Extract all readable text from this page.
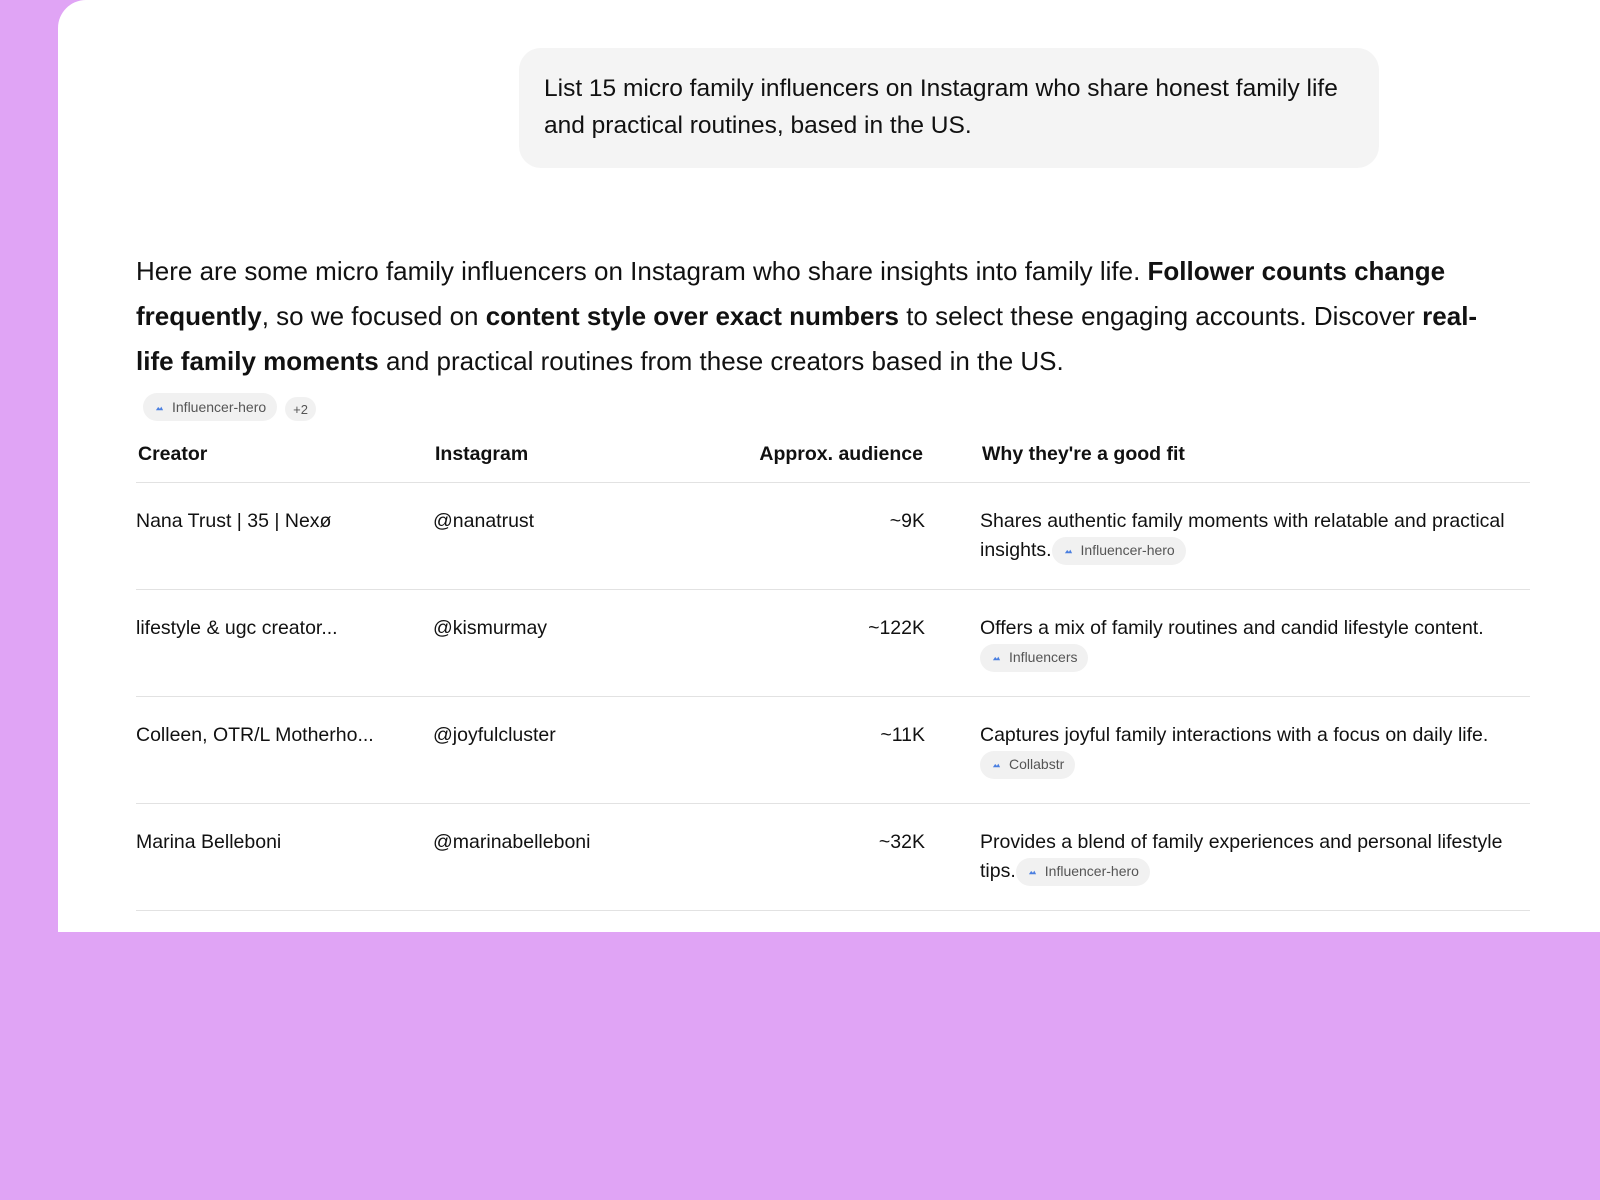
List 15 micro family influencers on Instagram who share honest family life and practical routines, based in the US.
Here are some micro family influencers on Instagram who share insights into family life. Follower counts change frequently, so we focused on content style over exact numbers to select these engaging accounts. Discover real-life family moments and practical routines from these creators based in the US.
Influencer-hero	+2
Creator	Instagram	Approx. audience	Why they're a good fit
Nana Trust | 35 | Nexø	@nanatrust	~9K	Shares authentic family moments with relatable and practical insights. Influencer-hero

lifestyle & ugc creator...	@kismurmay	~122K	Offers a mix of family routines and candid lifestyle content.
Influencers

Colleen, OTR/L Motherho...	@joyfulcluster	~11K	Captures joyful family interactions with a focus on daily life.
Collabstr

Marina Belleboni	@marinabelleboni	~32K	Provides a blend of family experiences and personal lifestyle tips. Influencer-hero
